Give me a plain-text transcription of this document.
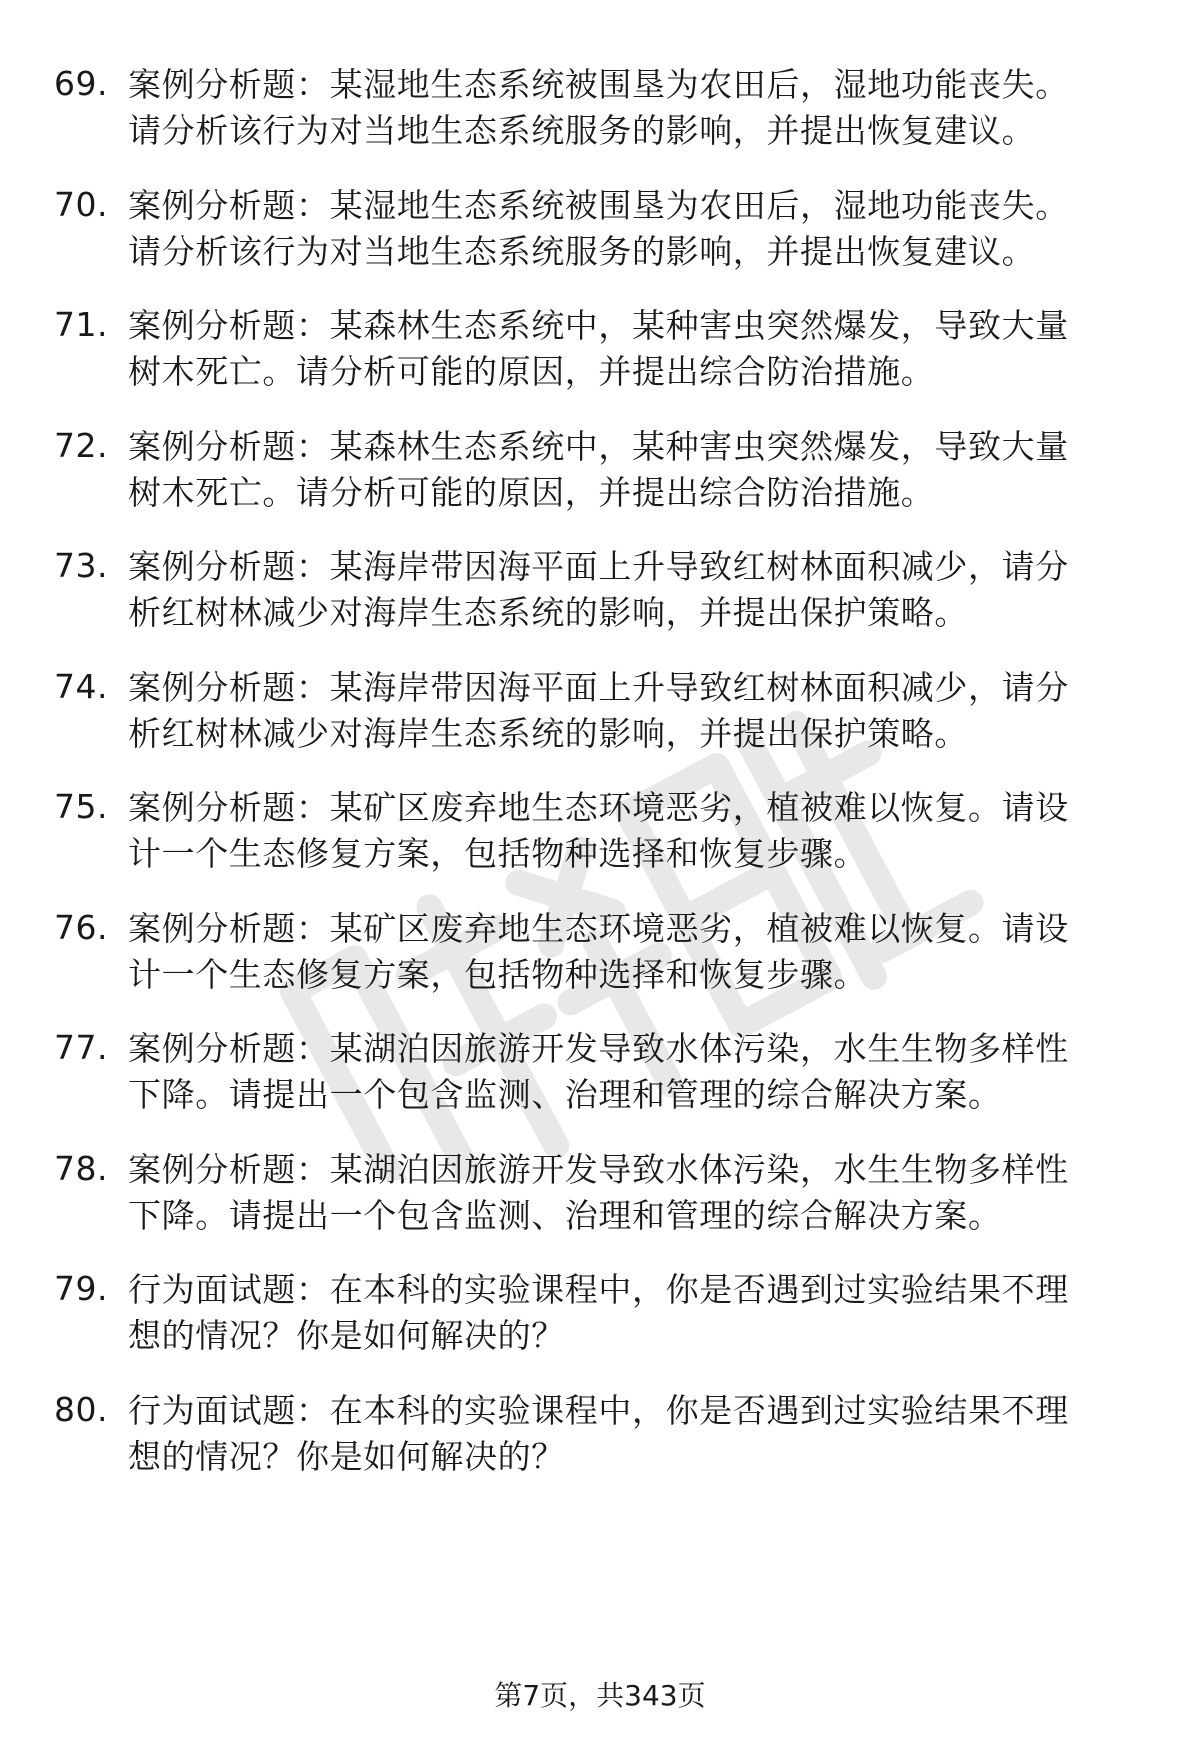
69. 案例分析题：某湿地生态系统被围垦为农田后，湿地功能丧失。
请分析该行为对当地生态系统服务的影响，并提出恢复建议。
70. 案例分析题：某湿地生态系统被围垦为农田后，湿地功能丧失。
请分析该行为对当地生态系统服务的影响，并提出恢复建议。
71. 案例分析题：某森林生态系统中，某种害虫突然爆发，导致大量
树木死亡。请分析可能的原因，并提出综合防治措施。
72. 案例分析题：某森林生态系统中，某种害虫突然爆发，导致大量
树木死亡。请分析可能的原因，并提出综合防治措施。
73. 案例分析题：某海岸带因海平面上升导致红树林面积减少，请分
析红树林减少对海岸生态系统的影响，并提出保护策略。
74. 案例分析题：某海岸带因海平面上升导致红树林面积减少，请分
析红树林减少对海岸生态系统的影响，并提出保护策略。
75. 案例分析题：某矿区废弃地生态环境恶劣，植被难以恢复。请设
计一个生态修复方案，包括物种选择和恢复步骤。
76. 案例分析题：某矿区废弃地生态环境恶劣，植被难以恢复。请设
计一个生态修复方案，包括物种选择和恢复步骤。
77. 案例分析题：某湖泊因旅游开发导致水体污染，水生生物多样性
下降。请提出一个包含监测、治理和管理的综合解决方案。
78. 案例分析题：某湖泊因旅游开发导致水体污染，水生生物多样性
下降。请提出一个包含监测、治理和管理的综合解决方案。
79. 行为面试题：在本科的实验课程中，你是否遇到过实验结果不理
想的情况？你是如何解决的？
80. 行为面试题：在本科的实验课程中，你是否遇到过实验结果不理
想的情况？你是如何解决的？
第7页，共343页
